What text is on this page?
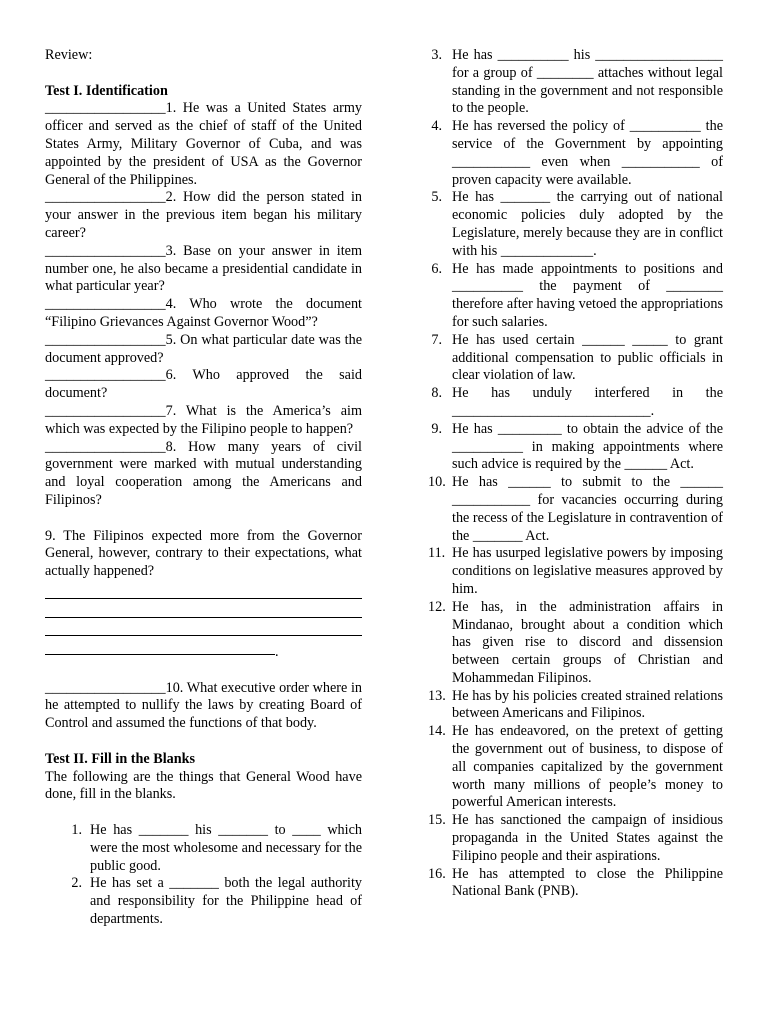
Review:

Test I. Identification

_________________1. He was a United States army officer and served as the chief of staff of the United States Army, Military Governor of Cuba, and was appointed by the president of USA as the Governor General of the Philippines.

_________________2. How did the person stated in your answer in the previous item began his military career?

_________________3. Base on your answer in item number one, he also became a presidential candidate in what particular year?

_________________4. Who wrote the document “Filipino Grievances Against Governor Wood”?

_________________5. On what particular date was the document approved?

_________________6. Who approved the said document?

_________________7. What is the America’s aim which was expected by the Filipino people to happen?

_________________8. How many years of civil government were marked with mutual understanding and loyal cooperation among the Americans and Filipinos?

9. The Filipinos expected more from the Governor General, however, contrary to their expectations, what actually happened?

.

_________________10. What executive order where in he attempted to nullify the laws by creating Board of Control and assumed the functions of that body.

Test II. Fill in the Blanks

The following are the things that General Wood have done, fill in the blanks.

1. He has _______ his _______ to ____ which were the most wholesome and necessary for the public good.
2. He has set a _______ both the legal authority and responsibility for the Philippine head of departments.
3. He has __________ his __________________ for a group of ________ attaches without legal standing in the government and not responsible to the people.
4. He has reversed the policy of __________ the service of the Government by appointing ___________ even when ___________ of proven capacity were available.
5. He has _______ the carrying out of national economic policies duly adopted by the Legislature, merely because they are in conflict with his _____________.
6. He has made appointments to positions and __________ the payment of ________ therefore after having vetoed the appropriations for such salaries.
7. He has used certain ______ _____ to grant additional compensation to public officials in clear violation of law.
8. He has unduly interfered in the ____________________________.
9. He has _________ to obtain the advice of the __________ in making appointments where such advice is required by the ______ Act.
10. He has ______ to submit to the ______ ___________ for vacancies occurring during the recess of the Legislature in contravention of the _______ Act.
11. He has usurped legislative powers by imposing conditions on legislative measures approved by him.
12. He has, in the administration affairs in Mindanao, brought about a condition which has given rise to discord and dissension between certain groups of Christian and Mohammedan Filipinos.
13. He has by his policies created strained relations between Americans and Filipinos.
14. He has endeavored, on the pretext of getting the government out of business, to dispose of all companies capitalized by the government worth many millions of people’s money to powerful American interests.
15. He has sanctioned the campaign of insidious propaganda in the United States against the Filipino people and their aspirations.
16. He has attempted to close the Philippine National Bank (PNB).
